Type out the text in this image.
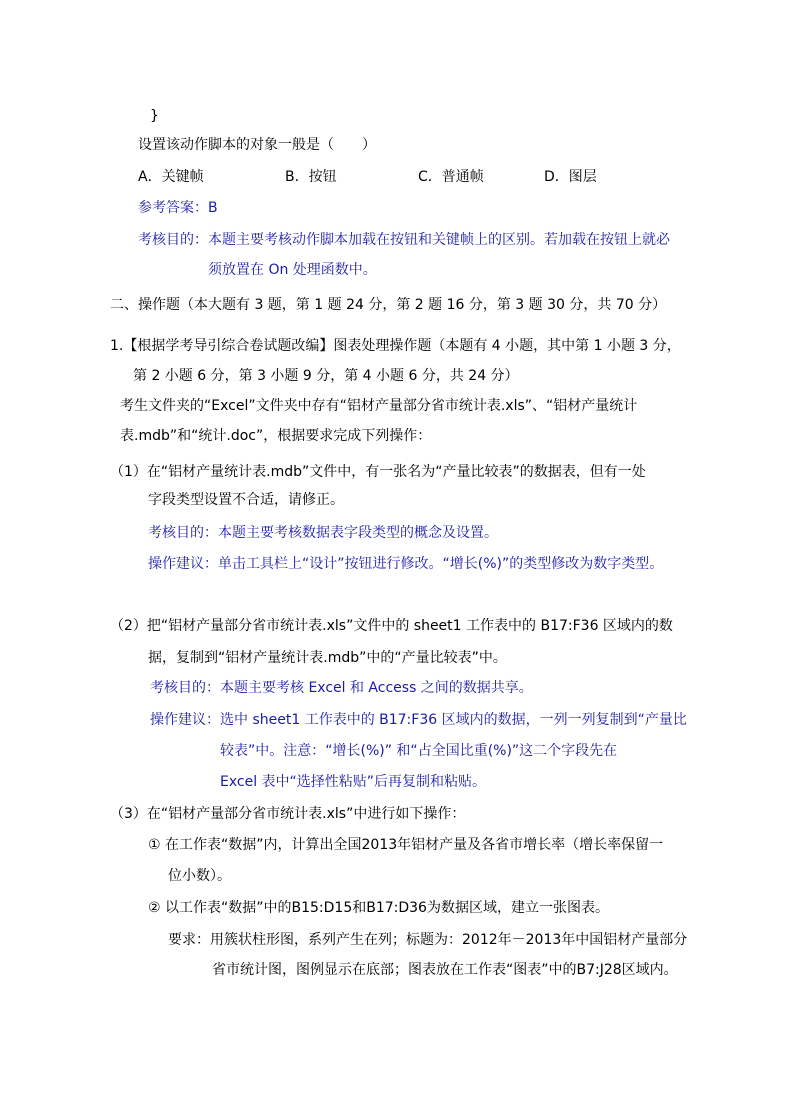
}
设置该动作脚本的对象一般是（　　）
A．关键帧	B．按钮	C．普通帧	D．图层
参考答案：B
考核目的：本题主要考核动作脚本加载在按钮和关键帧上的区别。若加载在按钮上就必
须放置在 On 处理函数中。
二、操作题（本大题有 3 题，第 1 题 24 分，第 2 题 16 分，第 3 题 30 分，共 70 分）
1.【根据学考导引综合卷试题改编】图表处理操作题（本题有 4 小题，其中第 1 小题 3 分，
第 2 小题 6 分，第 3 小题 9 分，第 4 小题 6 分，共 24 分）
考生文件夹的“Excel”文件夹中存有“铝材产量部分省市统计表.xls”、“铝材产量统计
表.mdb”和“统计.doc”，根据要求完成下列操作：
（1）在“铝材产量统计表.mdb”文件中，有一张名为“产量比较表”的数据表，但有一处
字段类型设置不合适，请修正。
考核目的：本题主要考核数据表字段类型的概念及设置。
操作建议：单击工具栏上“设计”按钮进行修改。“增长(%)”的类型修改为数字类型。
（2）把“铝材产量部分省市统计表.xls”文件中的 sheet1 工作表中的 B17:F36 区域内的数
据，复制到“铝材产量统计表.mdb”中的“产量比较表”中。
考核目的：本题主要考核 Excel 和 Access 之间的数据共享。
操作建议：选中 sheet1 工作表中的 B17:F36 区域内的数据，一列一列复制到“产量比
较表”中。注意：“增长(%)” 和“占全国比重(%)”这二个字段先在
Excel 表中“选择性粘贴”后再复制和粘贴。
（3）在“铝材产量部分省市统计表.xls”中进行如下操作：
① 在工作表“数据”内，计算出全国2013年铝材产量及各省市增长率（增长率保留一
位小数）。
② 以工作表“数据”中的B15:D15和B17:D36为数据区域，建立一张图表。
要求：用簇状柱形图，系列产生在列；标题为：2012年－2013年中国铝材产量部分
省市统计图，图例显示在底部；图表放在工作表“图表”中的B7:J28区域内。
